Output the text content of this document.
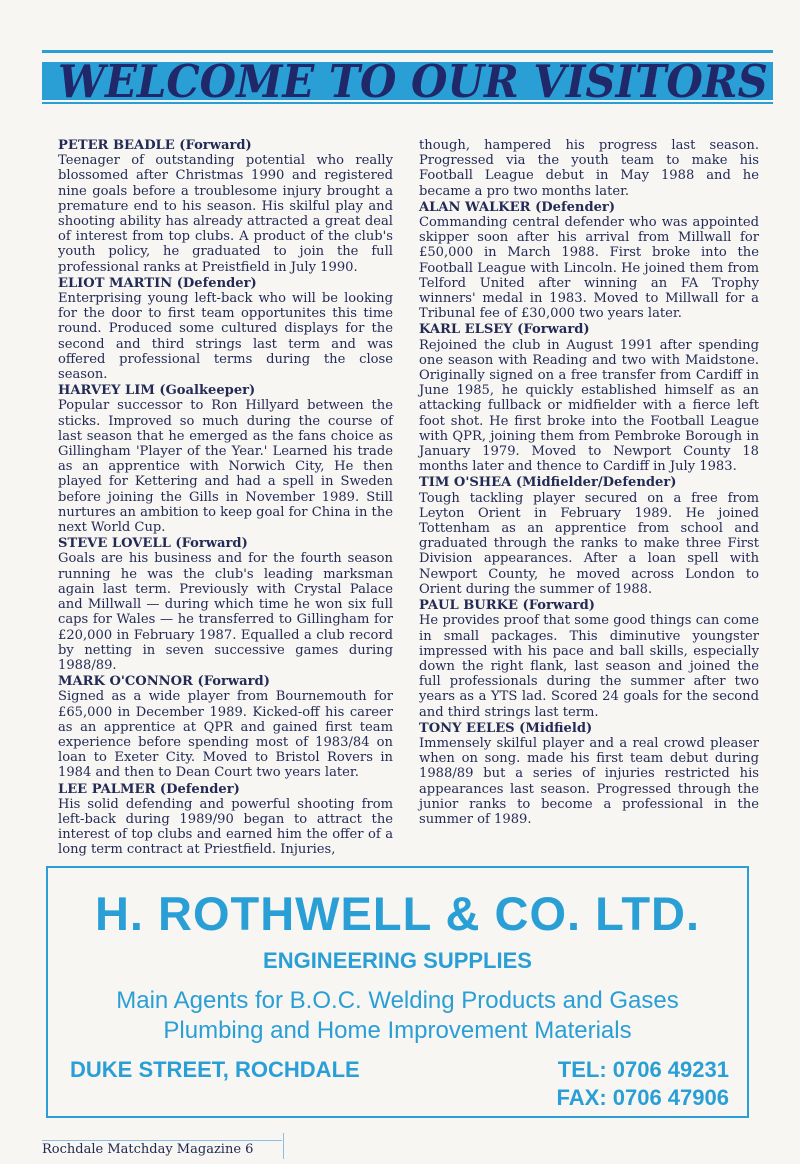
WELCOME TO OUR VISITORS
PETER BEADLE (Forward)
Teenager of outstanding potential who really blossomed after Christmas 1990 and registered nine goals before a troublesome injury brought a premature end to his season. His skilful play and shooting ability has already attracted a great deal of interest from top clubs. A product of the club's youth policy, he graduated to join the full professional ranks at Preistfield in July 1990.
ELIOT MARTIN (Defender)
Enterprising young left-back who will be looking for the door to first team opportunites this time round. Produced some cultured displays for the second and third strings last term and was offered professional terms during the close season.
HARVEY LIM (Goalkeeper)
Popular successor to Ron Hillyard between the sticks. Improved so much during the course of last season that he emerged as the fans choice as Gillingham 'Player of the Year.' Learned his trade as an apprentice with Norwich City, He then played for Kettering and had a spell in Sweden before joining the Gills in November 1989. Still nurtures an ambition to keep goal for China in the next World Cup.
STEVE LOVELL (Forward)
Goals are his business and for the fourth season running he was the club's leading marksman again last term. Previously with Crystal Palace and Millwall — during which time he won six full caps for Wales — he transferred to Gillingham for £20,000 in February 1987. Equalled a club record by netting in seven successive games during 1988/89.
MARK O'CONNOR (Forward)
Signed as a wide player from Bournemouth for £65,000 in December 1989. Kicked-off his career as an apprentice at QPR and gained first team experience before spending most of 1983/84 on loan to Exeter City. Moved to Bristol Rovers in 1984 and then to Dean Court two years later.
LEE PALMER (Defender)
His solid defending and powerful shooting from left-back during 1989/90 began to attract the interest of top clubs and earned him the offer of a long term contract at Priestfield. Injuries,
though, hampered his progress last season. Progressed via the youth team to make his Football League debut in May 1988 and he became a pro two months later.
ALAN WALKER (Defender)
Commanding central defender who was appointed skipper soon after his arrival from Millwall for £50,000 in March 1988. First broke into the Football League with Lincoln. He joined them from Telford United after winning an FA Trophy winners' medal in 1983. Moved to Millwall for a Tribunal fee of £30,000 two years later.
KARL ELSEY (Forward)
Rejoined the club in August 1991 after spending one season with Reading and two with Maidstone. Originally signed on a free transfer from Cardiff in June 1985, he quickly established himself as an attacking fullback or midfielder with a fierce left foot shot. He first broke into the Football League with QPR, joining them from Pembroke Borough in January 1979. Moved to Newport County 18 months later and thence to Cardiff in July 1983.
TIM O'SHEA (Midfielder/Defender)
Tough tackling player secured on a free from Leyton Orient in February 1989. He joined Tottenham as an apprentice from school and graduated through the ranks to make three First Division appearances. After a loan spell with Newport County, he moved across London to Orient during the summer of 1988.
PAUL BURKE (Forward)
He provides proof that some good things can come in small packages. This diminutive youngster impressed with his pace and ball skills, especially down the right flank, last season and joined the full professionals during the summer after two years as a YTS lad. Scored 24 goals for the second and third strings last term.
TONY EELES (Midfield)
Immensely skilful player and a real crowd pleaser when on song. made his first team debut during 1988/89 but a series of injuries restricted his appearances last season. Progressed through the junior ranks to become a professional in the summer of 1989.
H. ROTHWELL & CO. LTD.
ENGINEERING SUPPLIES
Main Agents for B.O.C. Welding Products and Gases
Plumbing and Home Improvement Materials
DUKE STREET, ROCHDALE	TEL: 0706 49231
FAX: 0706 47906
Rochdale Matchday Magazine 6
